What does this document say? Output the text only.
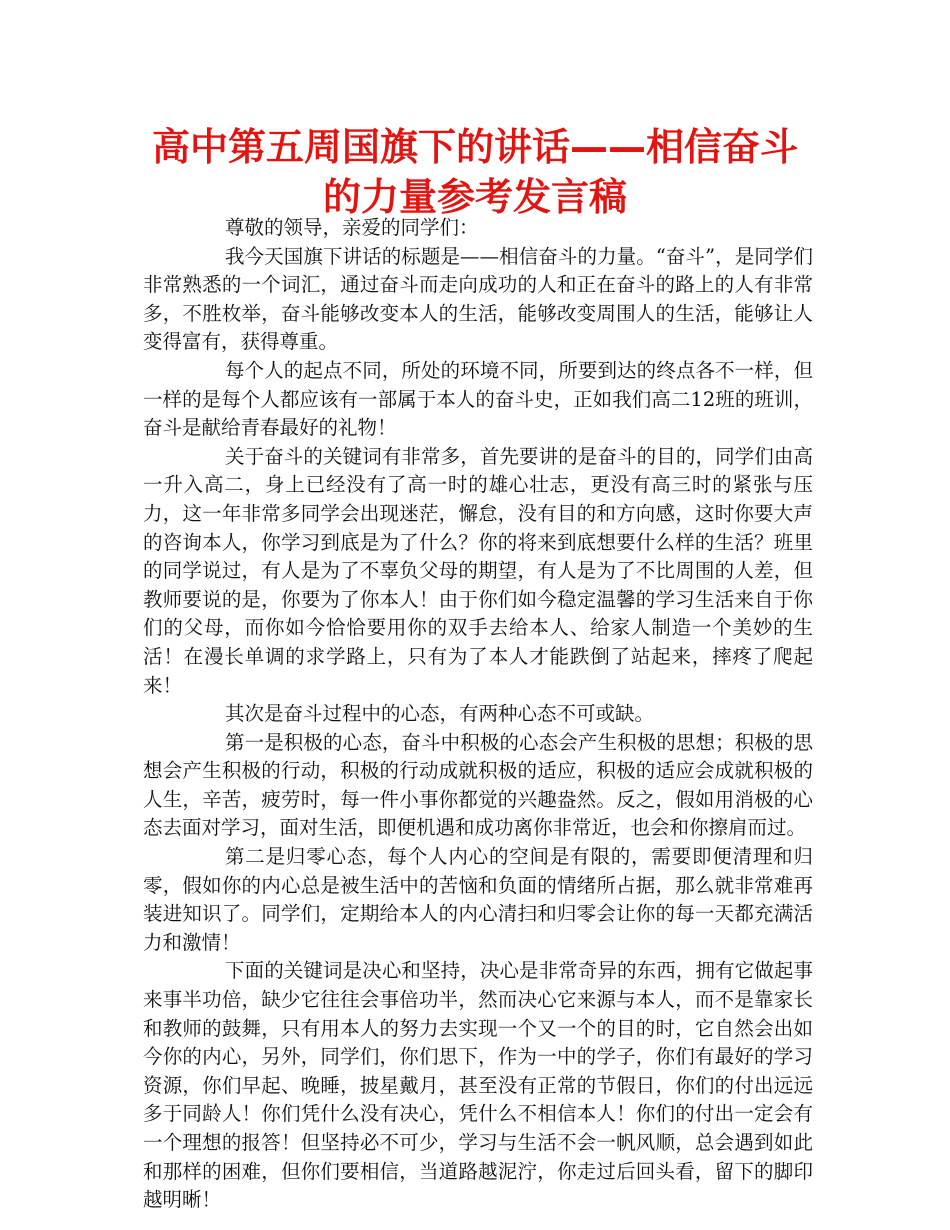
高中第五周国旗下的讲话——相信奋斗的力量参考发言稿

尊敬的领导，亲爱的同学们：

我今天国旗下讲话的标题是——相信奋斗的力量。“奋斗”，是同学们非常熟悉的一个词汇，通过奋斗而走向成功的人和正在奋斗的路上的人有非常多，不胜枚举，奋斗能够改变本人的生活，能够改变周围人的生活，能够让人变得富有，获得尊重。

每个人的起点不同，所处的环境不同，所要到达的终点各不一样，但一样的是每个人都应该有一部属于本人的奋斗史，正如我们高二12班的班训，奋斗是献给青春最好的礼物！

关于奋斗的关键词有非常多，首先要讲的是奋斗的目的，同学们由高一升入高二，身上已经没有了高一时的雄心壮志，更没有高三时的紧张与压力，这一年非常多同学会出现迷茫，懈怠，没有目的和方向感，这时你要大声的咨询本人，你学习到底是为了什么？你的将来到底想要什么样的生活？班里的同学说过，有人是为了不辜负父母的期望，有人是为了不比周围的人差，但教师要说的是，你要为了你本人！由于你们如今稳定温馨的学习生活来自于你们的父母，而你如今恰恰要用你的双手去给本人、给家人制造一个美妙的生活！在漫长单调的求学路上，只有为了本人才能跌倒了站起来，摔疼了爬起来！

其次是奋斗过程中的心态，有两种心态不可或缺。

第一是积极的心态，奋斗中积极的心态会产生积极的思想；积极的思想会产生积极的行动，积极的行动成就积极的适应，积极的适应会成就积极的人生，辛苦，疲劳时，每一件小事你都觉的兴趣盎然。反之，假如用消极的心态去面对学习，面对生活，即便机遇和成功离你非常近，也会和你擦肩而过。

第二是归零心态，每个人内心的空间是有限的，需要即便清理和归零，假如你的内心总是被生活中的苦恼和负面的情绪所占据，那么就非常难再装进知识了。同学们，定期给本人的内心清扫和归零会让你的每一天都充满活力和激情！

下面的关键词是决心和坚持，决心是非常奇异的东西，拥有它做起事来事半功倍，缺少它往往会事倍功半，然而决心它来源与本人，而不是靠家长和教师的鼓舞，只有用本人的努力去实现一个又一个的目的时，它自然会出如今你的内心，另外，同学们，你们思下，作为一中的学子，你们有最好的学习资源，你们早起、晚睡，披星戴月，甚至没有正常的节假日，你们的付出远远多于同龄人！你们凭什么没有决心，凭什么不相信本人！你们的付出一定会有一个理想的报答！但坚持必不可少，学习与生活不会一帆风顺，总会遇到如此和那样的困难，但你们要相信，当道路越泥泞，你走过后回头看，留下的脚印越明晰！
